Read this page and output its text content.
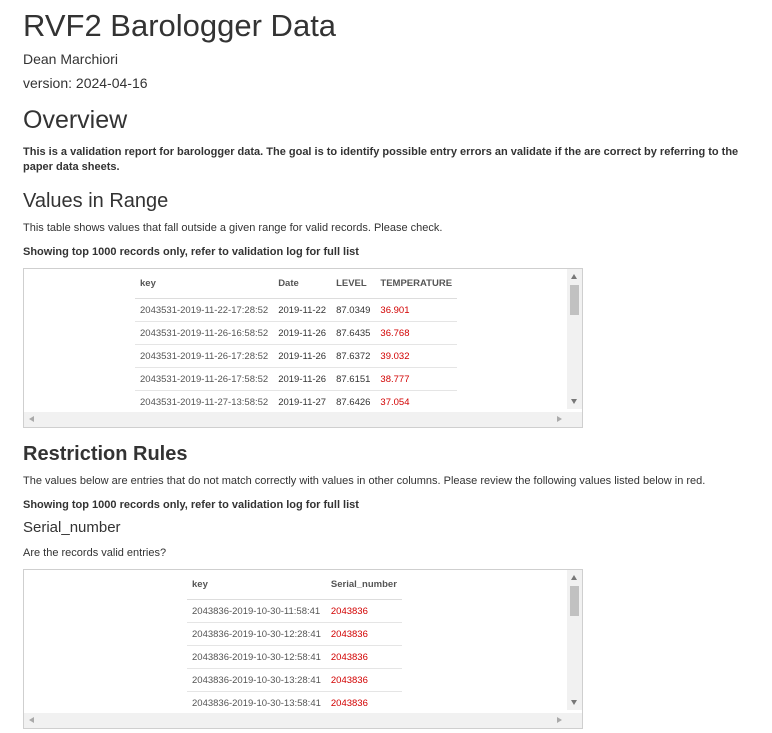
RVF2 Barologger Data
Dean Marchiori
version: 2024-04-16
Overview
This is a validation report for barologger data. The goal is to identify possible entry errors an validate if the are correct by referring to the paper data sheets.
Values in Range
This table shows values that fall outside a given range for valid records. Please check.
Showing top 1000 records only, refer to validation log for full list
key	Date	LEVEL	TEMPERATURE
2043531-2019-11-22-17:28:52	2019-11-22	87.0349	36.901
2043531-2019-11-26-16:58:52	2019-11-26	87.6435	36.768
2043531-2019-11-26-17:28:52	2019-11-26	87.6372	39.032
2043531-2019-11-26-17:58:52	2019-11-26	87.6151	38.777
2043531-2019-11-27-13:58:52	2019-11-27	87.6426	37.054
Restriction Rules
The values below are entries that do not match correctly with values in other columns. Please review the following values listed below in red.
Showing top 1000 records only, refer to validation log for full list
Serial_number
Are the records valid entries?
key	Serial_number
2043836-2019-10-30-11:58:41	2043836
2043836-2019-10-30-12:28:41	2043836
2043836-2019-10-30-12:58:41	2043836
2043836-2019-10-30-13:28:41	2043836
2043836-2019-10-30-13:58:41	2043836
